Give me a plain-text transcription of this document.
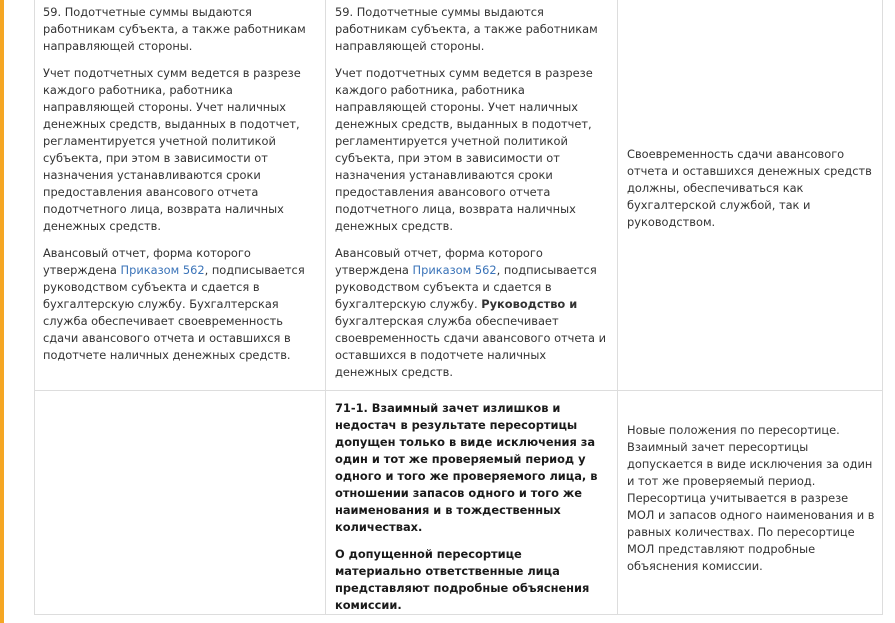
59. Подотчетные суммы выдаются работникам субъекта, а также работникам направляющей стороны.

Учет подотчетных сумм ведется в разрезе каждого работника, работника направляющей стороны. Учет наличных денежных средств, выданных в подотчет, регламентируется учетной политикой субъекта, при этом в зависимости от назначения устанавливаются сроки предоставления авансового отчета подотчетного лица, возврата наличных денежных средств.

Авансовый отчет, форма которого утверждена Приказом 562, подписывается руководством субъекта и сдается в бухгалтерскую службу. Бухгалтерская служба обеспечивает своевременность сдачи авансового отчета и оставшихся в подотчете наличных денежных средств.

59. Подотчетные суммы выдаются работникам субъекта, а также работникам направляющей стороны.

Учет подотчетных сумм ведется в разрезе каждого работника, работника направляющей стороны. Учет наличных денежных средств, выданных в подотчет, регламентируется учетной политикой субъекта, при этом в зависимости от назначения устанавливаются сроки предоставления авансового отчета подотчетного лица, возврата наличных денежных средств.

Авансовый отчет, форма которого утверждена Приказом 562, подписывается руководством субъекта и сдается в бухгалтерскую службу. Руководство и бухгалтерская служба обеспечивает своевременность сдачи авансового отчета и оставшихся в подотчете наличных денежных средств.

Своевременность сдачи авансового отчета и оставшихся денежных средств должны, обеспечиваться как бухгалтерской службой, так и руководством.

71-1. Взаимный зачет излишков и недостач в результате пересортицы допущен только в виде исключения за один и тот же проверяемый период у одного и того же проверяемого лица, в отношении запасов одного и того же наименования и в тождественных количествах.

О допущенной пересортице материально ответственные лица представляют подробные объяснения комиссии.

Новые положения по пересортице. Взаимный зачет пересортицы допускается в виде исключения за один и тот же проверяемый период. Пересортица учитывается в разрезе МОЛ и запасов одного наименования и в равных количествах. По пересортице МОЛ представляют подробные объяснения комиссии.
